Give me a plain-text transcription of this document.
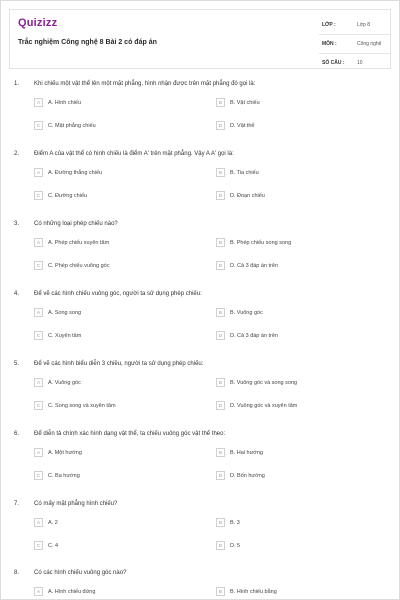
Quizizz
Trắc nghiệm Công nghệ 8 Bài 2 có đáp án
LỚP :	Lớp 8
MÔN :	Công nghệ
SỐ CÂU :	10
1. Khi chiếu một vật thể lên một mặt phẳng, hình nhận được trên mặt phẳng đó gọi là:
A	A. Hình chiếu	B	B. Vật chiếu
C	C. Mặt phẳng chiếu	D	D. Vật thể
2. Điểm A của vật thể có hình chiếu là điểm A' trên mặt phẳng. Vậy A A' gọi là:
A	A. Đường thẳng chiếu	B	B. Tia chiếu
C	C. Đường chiếu	D	D. Đoạn chiếu
3. Có những loại phép chiếu nào?
A	A. Phép chiếu xuyên tâm	B	B. Phép chiếu song song
C	C. Phép chiếu vuông góc	D	D. Cả 3 đáp án trên
4. Để vẽ các hình chiếu vuông góc, người ta sử dụng phép chiếu:
A	A. Song song	B	B. Vuông góc
C	C. Xuyên tâm	D	D. Cả 3 đáp án trên
5. Để vẽ các hình biểu diễn 3 chiều, người ta sử dụng phép chiếu:
A	A. Vuông góc	B	B. Vuông góc và song song
C	C. Song song và xuyên tâm	D	D. Vuông góc và xuyên tâm
6. Để diễn tả chính xác hình dạng vật thể, ta chiếu vuông góc vật thể theo:
A	A. Một hướng	B	B. Hai hướng
C	C. Ba hướng	D	D. Bốn hướng
7. Có mấy mặt phẳng hình chiếu?
A	A. 2	B	B. 3
C	C. 4	D	D. 5
8. Có các hình chiếu vuông góc nào?
A	A. Hình chiếu đứng	B	B. Hình chiếu bằng
